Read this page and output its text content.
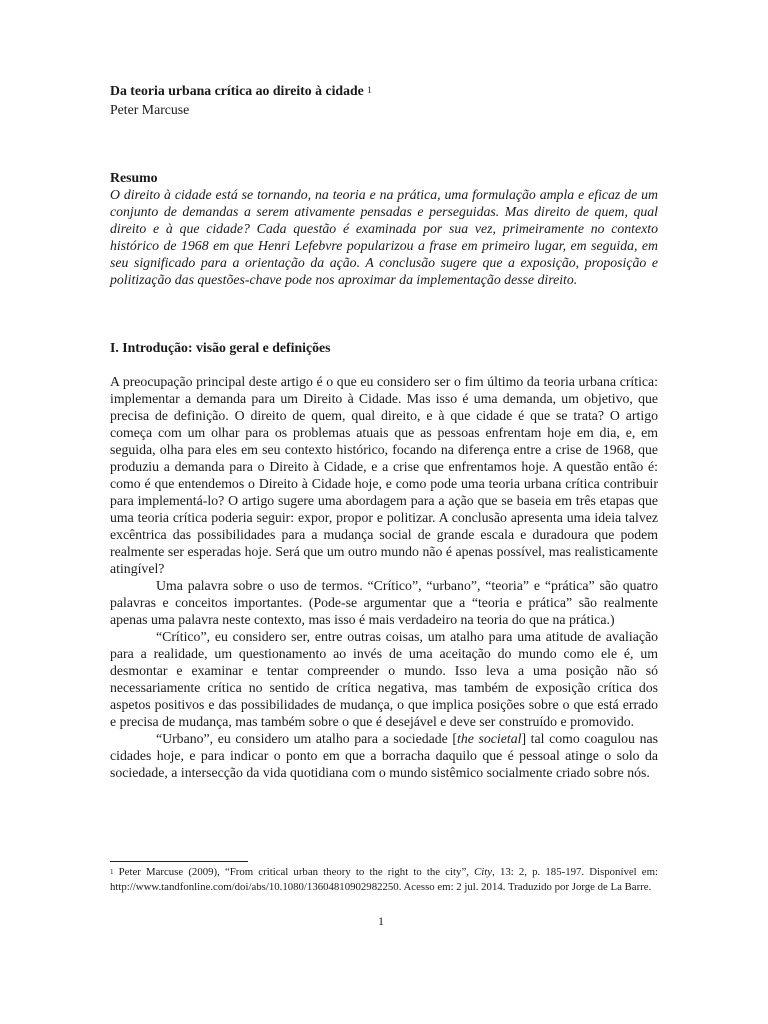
Da teoria urbana crítica ao direito à cidade $^1$

Peter Marcuse

Resumo

O direito à cidade está se tornando, na teoria e na prática, uma formulação ampla e eficaz de um conjunto de demandas a serem ativamente pensadas e perseguidas. Mas direito de quem, qual direito e à que cidade? Cada questão é examinada por sua vez, primeiramente no contexto histórico de 1968 em que Henri Lefebvre popularizou a frase em primeiro lugar, em seguida, em seu significado para a orientação da ação. A conclusão sugere que a exposição, proposição e politização das questões-chave pode nos aproximar da implementação desse direito.

I. Introdução: visão geral e definições

A preocupação principal deste artigo é o que eu considero ser o fim último da teoria urbana crítica: implementar a demanda para um Direito à Cidade. Mas isso é uma demanda, um objetivo, que precisa de definição. O direito de quem, qual direito, e à que cidade é que se trata? O artigo começa com um olhar para os problemas atuais que as pessoas enfrentam hoje em dia, e, em seguida, olha para eles em seu contexto histórico, focando na diferença entre a crise de 1968, que produziu a demanda para o Direito à Cidade, e a crise que enfrentamos hoje. A questão então é: como é que entendemos o Direito à Cidade hoje, e como pode uma teoria urbana crítica contribuir para implementá-lo? O artigo sugere uma abordagem para a ação que se baseia em três etapas que uma teoria crítica poderia seguir: expor, propor e politizar. A conclusão apresenta uma ideia talvez excêntrica das possibilidades para a mudança social de grande escala e duradoura que podem realmente ser esperadas hoje. Será que um outro mundo não é apenas possível, mas realisticamente atingível?

Uma palavra sobre o uso de termos. “Crítico”, “urbano”, “teoria” e “prática” são quatro palavras e conceitos importantes. (Pode-se argumentar que a “teoria e prática” são realmente apenas uma palavra neste contexto, mas isso é mais verdadeiro na teoria do que na prática.)

“Crítico”, eu considero ser, entre outras coisas, um atalho para uma atitude de avaliação para a realidade, um questionamento ao invés de uma aceitação do mundo como ele é, um desmontar e examinar e tentar compreender o mundo. Isso leva a uma posição não só necessariamente crítica no sentido de crítica negativa, mas também de exposição crítica dos aspetos positivos e das possibilidades de mudança, o que implica posições sobre o que está errado e precisa de mudança, mas também sobre o que é desejável e deve ser construído e promovido.

“Urbano”, eu considero um atalho para a sociedade [the societal] tal como coagulou nas cidades hoje, e para indicar o ponto em que a borracha daquilo que é pessoal atinge o solo da sociedade, a intersecção da vida quotidiana com o mundo sistêmico socialmente criado sobre nós.

$^1$ Peter Marcuse (2009), “From critical urban theory to the right to the city”, City, 13: 2, p. 185-197. Disponível em: http://www.tandfonline.com/doi/abs/10.1080/13604810902982250. Acesso em: 2 jul. 2014. Traduzido por Jorge de La Barre.

1
